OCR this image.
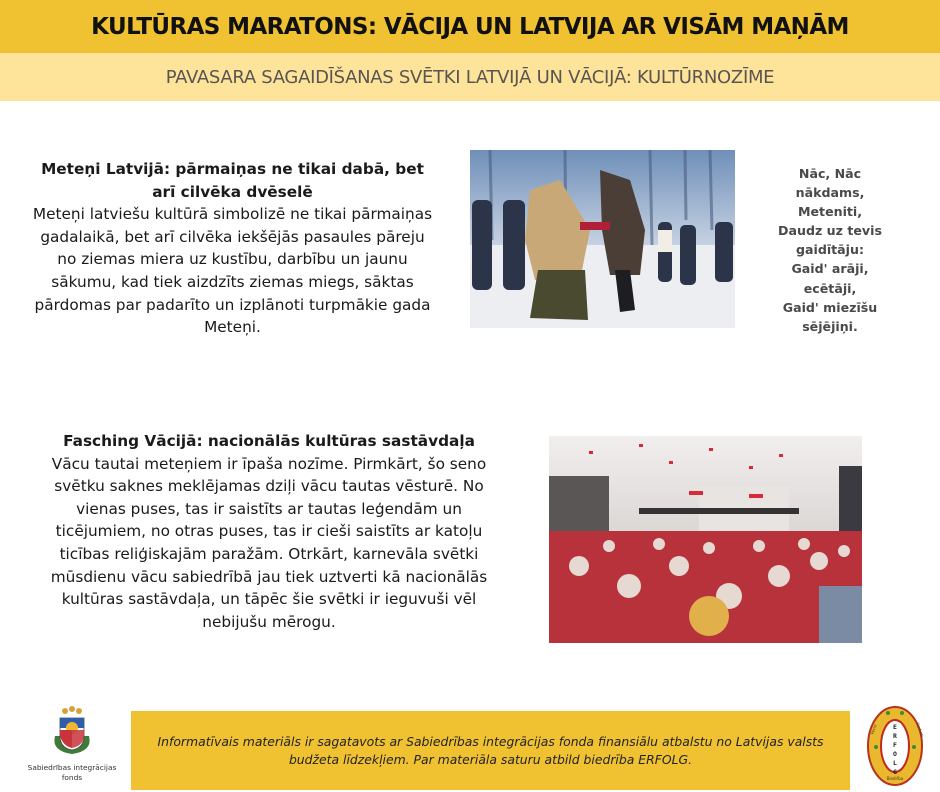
KULTŪRAS MARATONS: VĀCIJA UN LATVIJA AR VISĀM MAŅĀM
PAVASARA SAGAIDĪŠANAS SVĒTKI LATVIJĀ UN VĀCIJĀ: KULTŪRNOZĪME
Meteņi Latvijā: pārmaiņas ne tikai dabā, bet arī cilvēka dvēselē
Meteņi latviešu kultūrā simbolizē ne tikai pārmaiņas gadalaikā, bet arī cilvēka iekšējās pasaules pāreju no ziemas miera uz kustību, darbību un jaunu sākumu, kad tiek aizdzīts ziemas miegs, sāktas pārdomas par padarīto un izplānoti turpmākie gada Meteņi.
Nāc, Nāc
nākdams,
Meteniti,
Daudz uz tevis
gaidītāju:
Gaid' arāji,
ecētāji,
Gaid' miezīšu
sējējiņi.
Fasching Vācijā: nacionālās kultūras sastāvdaļa
Vācu tautai meteņiem ir īpaša nozīme. Pirmkārt, šo seno svētku saknes meklējamas dziļi vācu tautas vēsturē. No vienas puses, tas ir saistīts ar tautas leģendām un ticējumiem, no otras puses, tas ir cieši saistīts ar katoļu ticības reliģiskajām paražām. Otrkārt, karnevāla svētki mūsdienu vācu sabiedrībā jau tiek uztverti kā nacionālās kultūras sastāvdaļa, un tāpēc šie svētki ir ieguvuši vēl nebijušu mērogu.
Sabiedrības integrācijas
fonds

Informatīvais materiāls ir sagatavots ar Sabiedrības integrācijas fonda finansiālu atbalstu no Latvijas valsts budžeta līdzekļiem. Par materiāla saturu atbild biedrība ERFOLG.

Biedrība
E
R
F
O
L
G
Vecie	Gerbeti
